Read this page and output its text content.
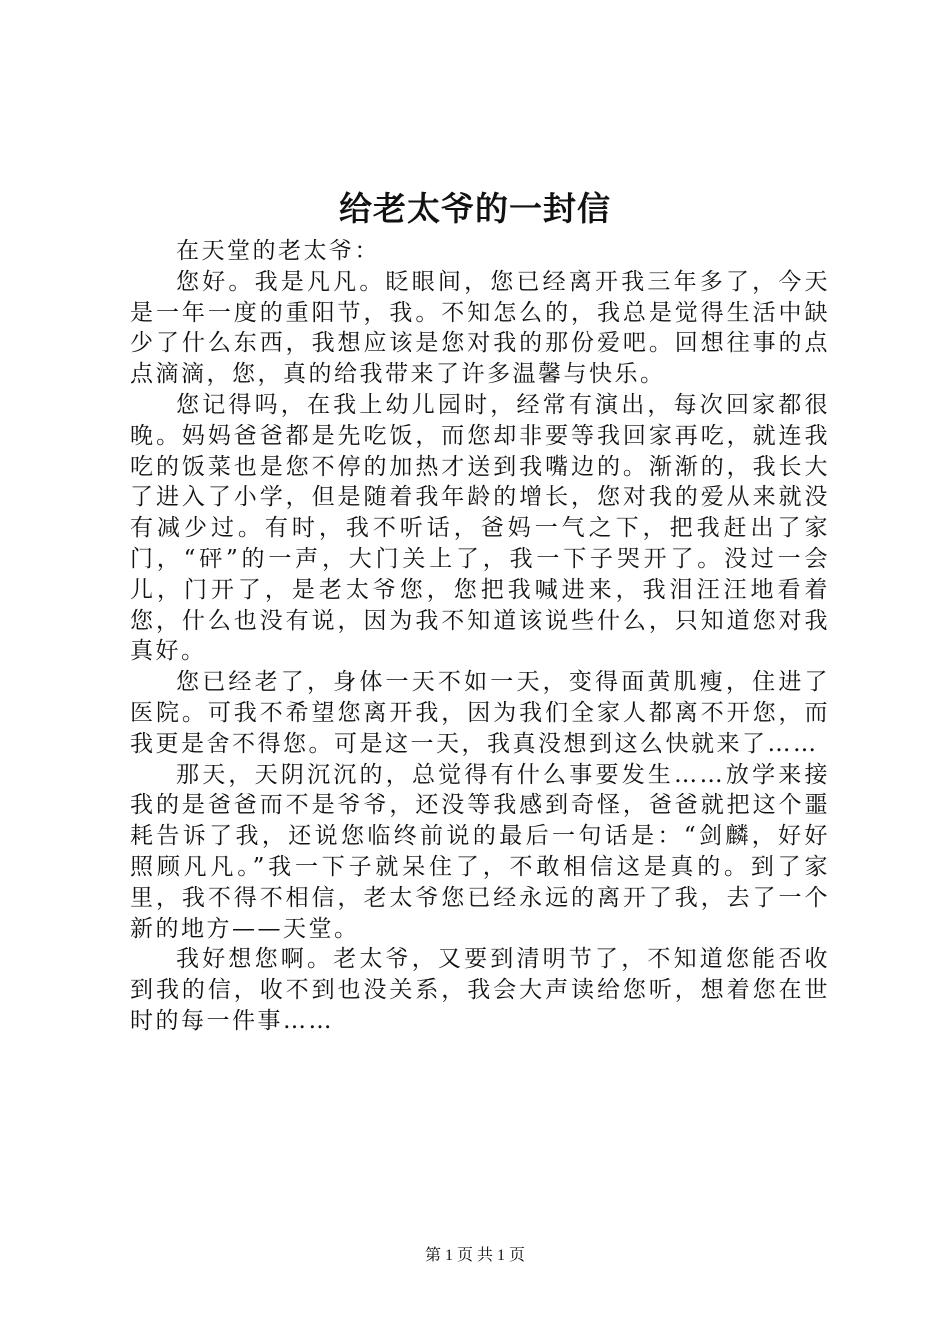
给老太爷的一封信

在天堂的老太爷：

您好。我是凡凡。眨眼间，您已经离开我三年多了，今天是一年一度的重阳节，我。不知怎么的，我总是觉得生活中缺少了什么东西，我想应该是您对我的那份爱吧。回想往事的点点滴滴，您，真的给我带来了许多温馨与快乐。

您记得吗，在我上幼儿园时，经常有演出，每次回家都很晚。妈妈爸爸都是先吃饭，而您却非要等我回家再吃，就连我吃的饭菜也是您不停的加热才送到我嘴边的。渐渐的，我长大了进入了小学，但是随着我年龄的增长，您对我的爱从来就没有减少过。有时，我不听话，爸妈一气之下，把我赶出了家门，“砰”的一声，大门关上了，我一下子哭开了。没过一会儿，门开了，是老太爷您，您把我喊进来，我泪汪汪地看着您，什么也没有说，因为我不知道该说些什么，只知道您对我真好。

您已经老了，身体一天不如一天，变得面黄肌瘦，住进了医院。可我不希望您离开我，因为我们全家人都离不开您，而我更是舍不得您。可是这一天，我真没想到这么快就来了……

那天，天阴沉沉的，总觉得有什么事要发生……放学来接我的是爸爸而不是爷爷，还没等我感到奇怪，爸爸就把这个噩耗告诉了我，还说您临终前说的最后一句话是：“剑麟，好好照顾凡凡。”我一下子就呆住了，不敢相信这是真的。到了家里，我不得不相信，老太爷您已经永远的离开了我，去了一个新的地方——天堂。

我好想您啊。老太爷，又要到清明节了，不知道您能否收到我的信，收不到也没关系，我会大声读给您听，想着您在世时的每一件事……

第 1 页 共 1 页
